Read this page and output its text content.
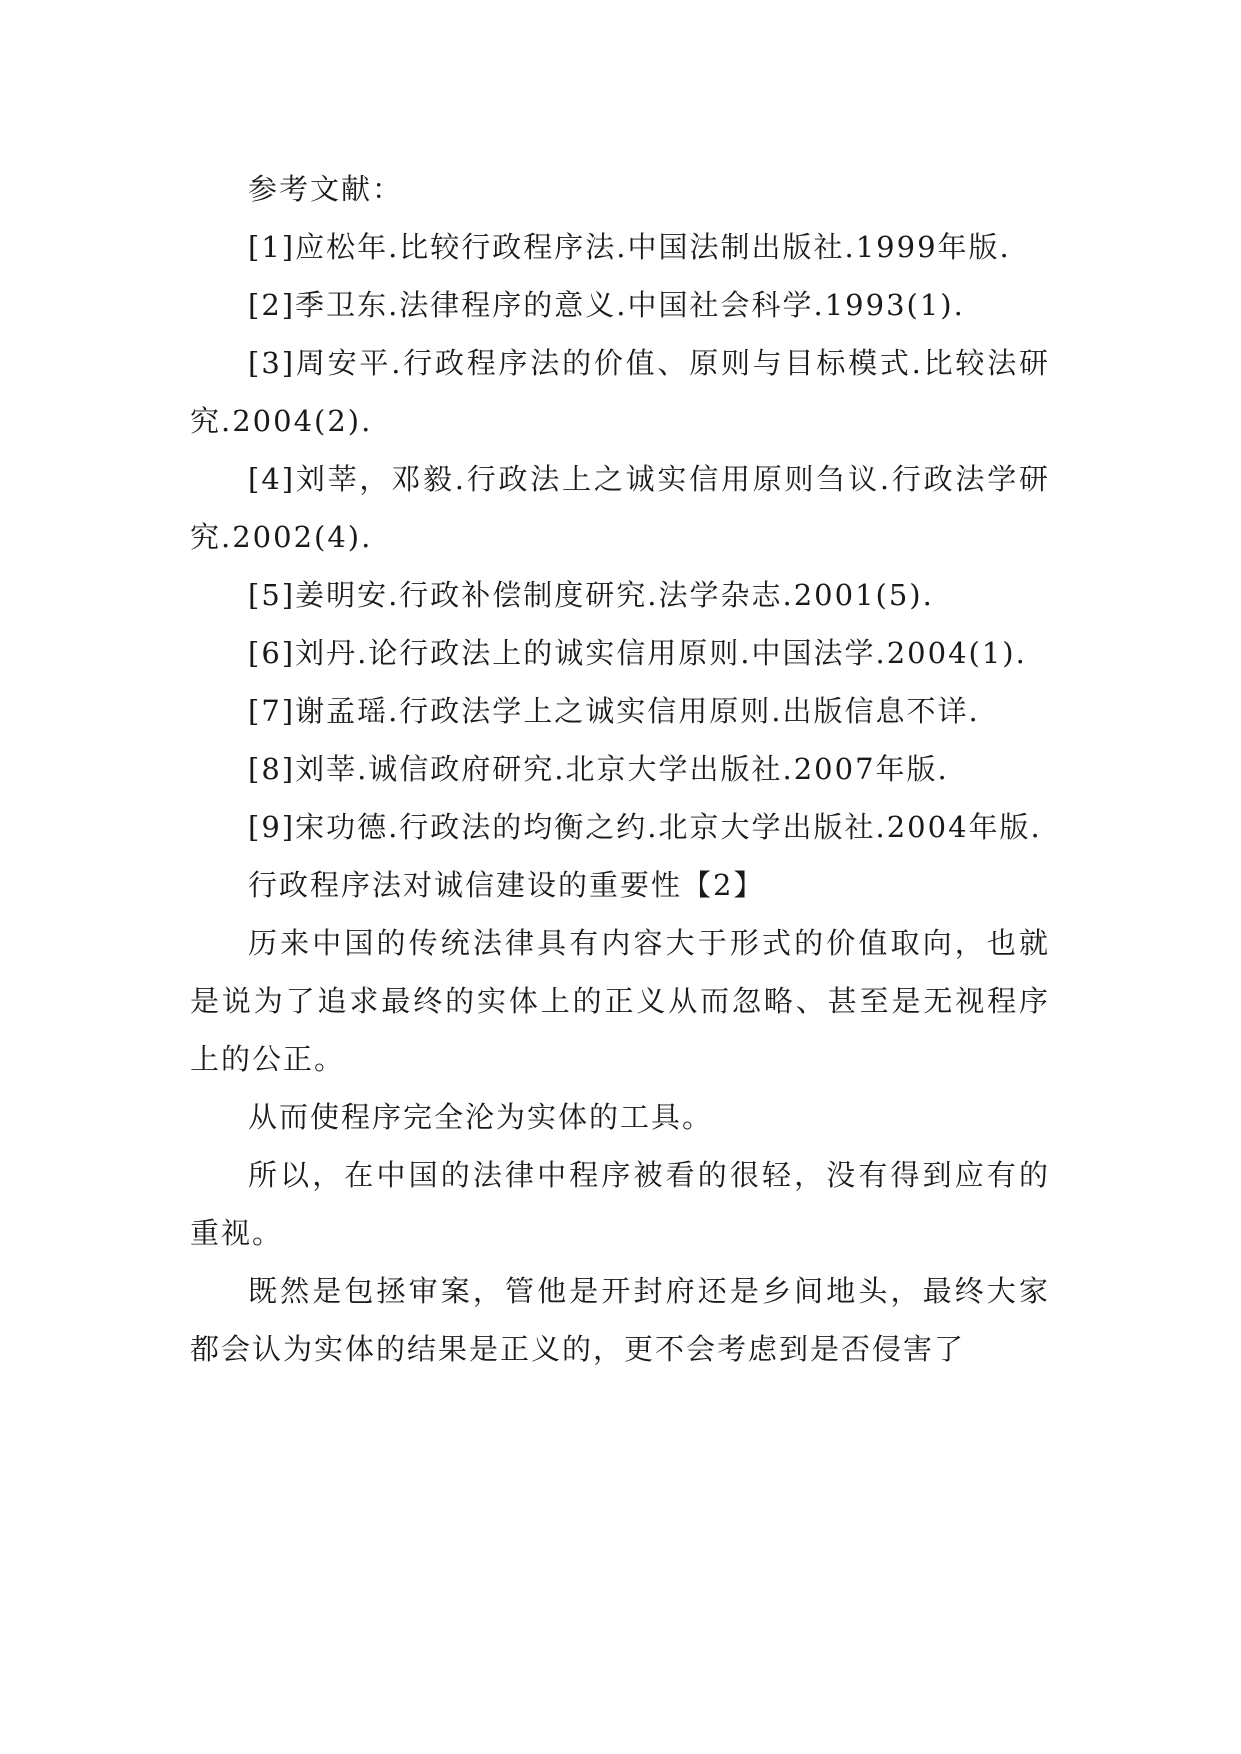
参考文献：

[1]应松年.比较行政程序法.中国法制出版社.1999年版.

[2]季卫东.法律程序的意义.中国社会科学.1993(1).

[3]周安平.行政程序法的价值、原则与目标模式.比较法研究.2004(2).

[4]刘莘，邓毅.行政法上之诚实信用原则刍议.行政法学研究.2002(4).

[5]姜明安.行政补偿制度研究.法学杂志.2001(5).

[6]刘丹.论行政法上的诚实信用原则.中国法学.2004(1).

[7]谢孟瑶.行政法学上之诚实信用原则.出版信息不详.

[8]刘莘.诚信政府研究.北京大学出版社.2007年版.

[9]宋功德.行政法的均衡之约.北京大学出版社.2004年版.

行政程序法对诚信建设的重要性【2】

历来中国的传统法律具有内容大于形式的价值取向，也就是说为了追求最终的实体上的正义从而忽略、甚至是无视程序上的公正。

从而使程序完全沦为实体的工具。

所以，在中国的法律中程序被看的很轻，没有得到应有的重视。

既然是包拯审案，管他是开封府还是乡间地头，最终大家都会认为实体的结果是正义的，更不会考虑到是否侵害了
